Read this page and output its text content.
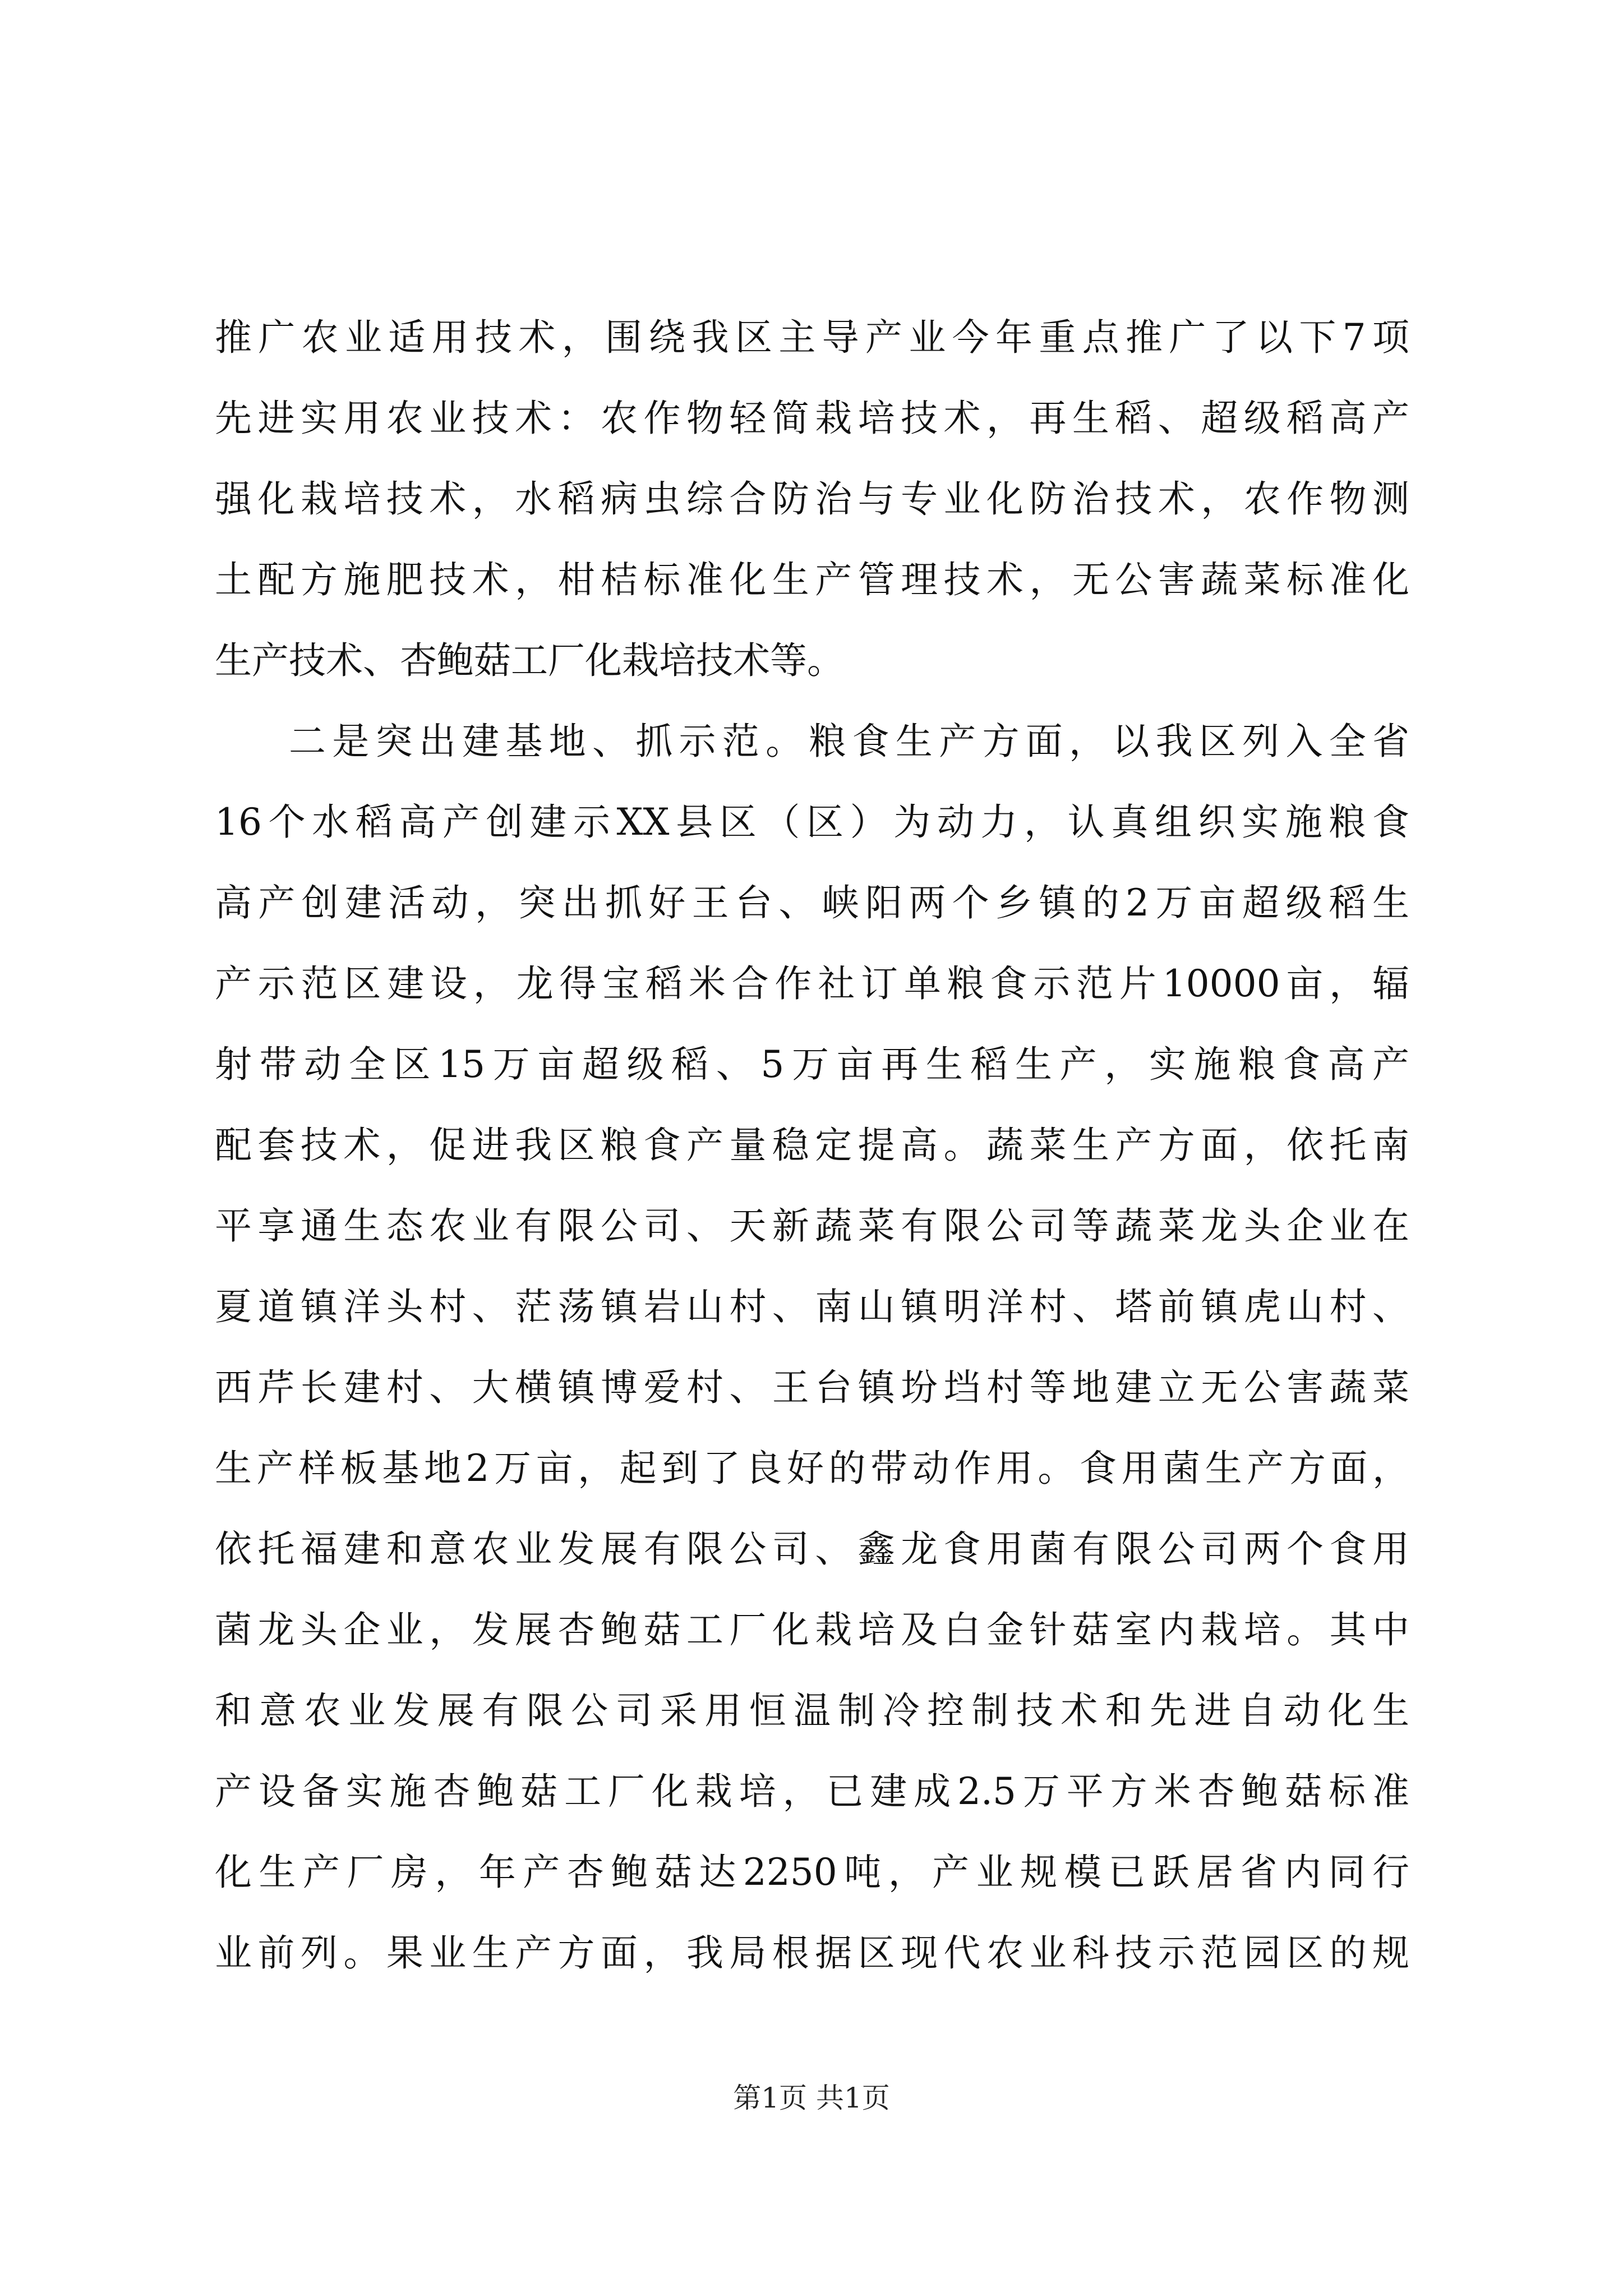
推广农业适用技术，围绕我区主导产业今年重点推广了以下7项
先进实用农业技术：农作物轻简栽培技术，再生稻、超级稻高产
强化栽培技术，水稻病虫综合防治与专业化防治技术，农作物测
土配方施肥技术，柑桔标准化生产管理技术，无公害蔬菜标准化
生产技术、杏鲍菇工厂化栽培技术等。
二是突出建基地、抓示范。粮食生产方面，以我区列入全省
16个水稻高产创建示XX县区（区）为动力，认真组织实施粮食
高产创建活动，突出抓好王台、峡阳两个乡镇的2万亩超级稻生
产示范区建设，龙得宝稻米合作社订单粮食示范片10000亩，辐
射带动全区15万亩超级稻、5万亩再生稻生产，实施粮食高产
配套技术，促进我区粮食产量稳定提高。蔬菜生产方面，依托南
平享通生态农业有限公司、天新蔬菜有限公司等蔬菜龙头企业在
夏道镇洋头村、茫荡镇岩山村、南山镇明洋村、塔前镇虎山村、
西芹长建村、大横镇博爱村、王台镇坋垱村等地建立无公害蔬菜
生产样板基地2万亩，起到了良好的带动作用。食用菌生产方面，
依托福建和意农业发展有限公司、鑫龙食用菌有限公司两个食用
菌龙头企业，发展杏鲍菇工厂化栽培及白金针菇室内栽培。其中
和意农业发展有限公司采用恒温制冷控制技术和先进自动化生
产设备实施杏鲍菇工厂化栽培，已建成2.5万平方米杏鲍菇标准
化生产厂房，年产杏鲍菇达2250吨，产业规模已跃居省内同行
业前列。果业生产方面，我局根据区现代农业科技示范园区的规
第1页 共1页
